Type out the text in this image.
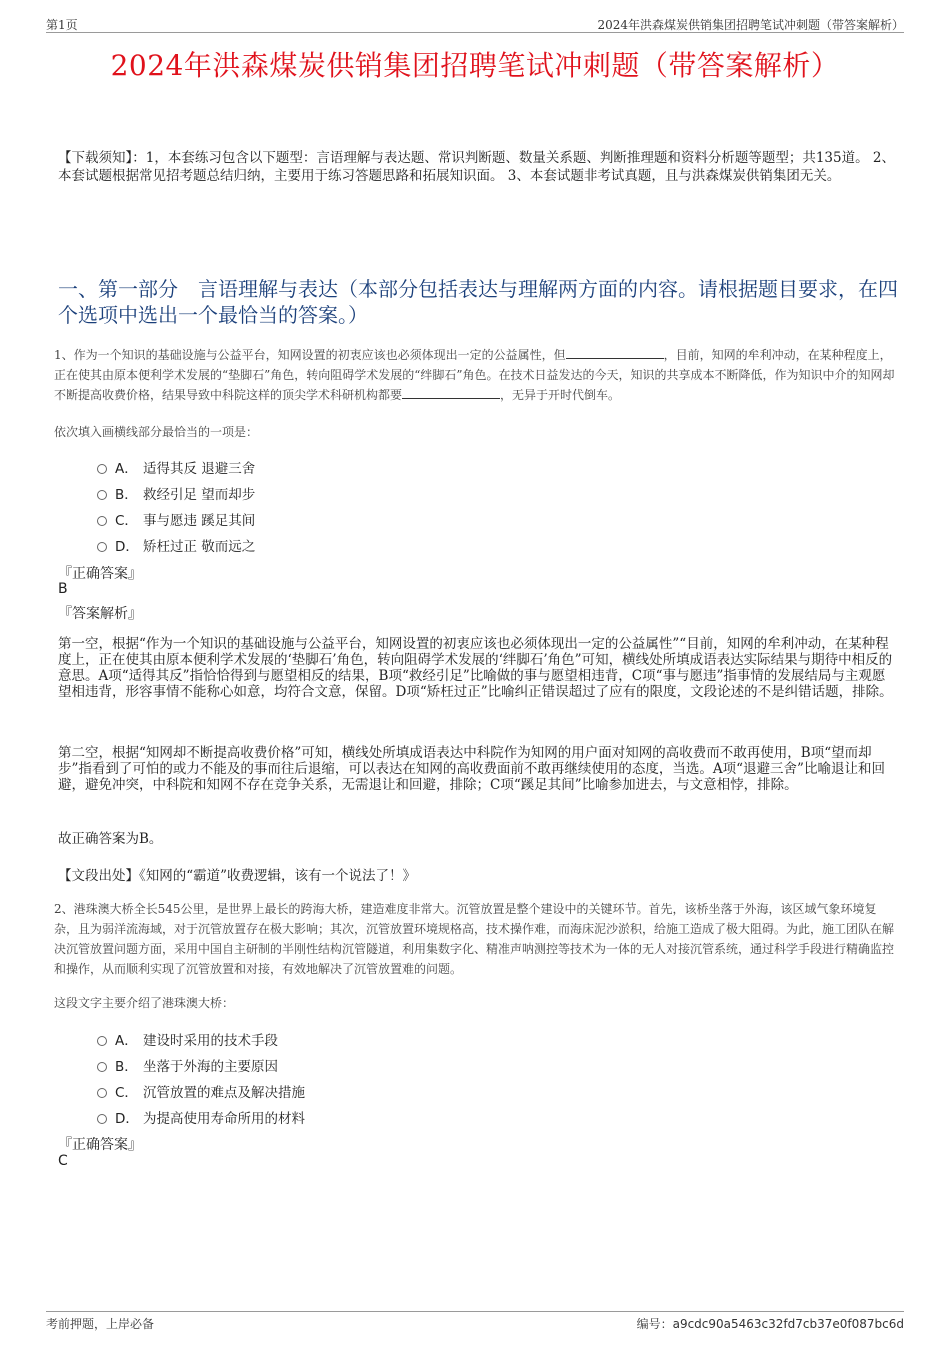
第1页	2024年洪森煤炭供销集团招聘笔试冲刺题（带答案解析）
2024年洪森煤炭供销集团招聘笔试冲刺题（带答案解析）
【下载须知】：1，本套练习包含以下题型：言语理解与表达题、常识判断题、数量关系题、判断推理题和资料分析题等题型；共135道。 2、本套试题根据常见招考题总结归纳，主要用于练习答题思路和拓展知识面。 3、本套试题非考试真题，且与洪森煤炭供销集团无关。
一、第一部分　言语理解与表达（本部分包括表达与理解两方面的内容。请根据题目要求，在四个选项中选出一个最恰当的答案。）
1、作为一个知识的基础设施与公益平台，知网设置的初衷应该也必须体现出一定的公益属性，但	，目前，知网的牟利冲动，在某种程度上，正在使其由原本便利学术发展的“垫脚石”角色，转向阻碍学术发展的“绊脚石”角色。在技术日益发达的今天，知识的共享成本不断降低，作为知识中介的知网却不断提高收费价格，结果导致中科院这样的顶尖学术科研机构都要	，无异于开时代倒车。
依次填入画横线部分最恰当的一项是：
A． 适得其反 退避三舍
B． 救经引足 望而却步
C． 事与愿违 蹊足其间
D． 矫枉过正 敬而远之
『正确答案』
B
『答案解析』
第一空，根据“作为一个知识的基础设施与公益平台，知网设置的初衷应该也必须体现出一定的公益属性”“目前，知网的牟利冲动，在某种程度上，正在使其由原本便利学术发展的‘垫脚石’角色，转向阻碍学术发展的‘绊脚石’角色”可知，横线处所填成语表达实际结果与期待中相反的意思。A项“适得其反”指恰恰得到与愿望相反的结果，B项“救经引足”比喻做的事与愿望相违背，C项“事与愿违”指事情的发展结局与主观愿望相违背，形容事情不能称心如意，均符合文意，保留。D项“矫枉过正”比喻纠正错误超过了应有的限度，文段论述的不是纠错话题，排除。
第二空，根据“知网却不断提高收费价格”可知，横线处所填成语表达中科院作为知网的用户面对知网的高收费而不敢再使用，B项“望而却步”指看到了可怕的或力不能及的事而往后退缩，可以表达在知网的高收费面前不敢再继续使用的态度，当选。A项“退避三舍”比喻退让和回避，避免冲突，中科院和知网不存在竞争关系，无需退让和回避，排除；C项“蹊足其间”比喻参加进去，与文意相悖，排除。
故正确答案为B。
【文段出处】《知网的“霸道”收费逻辑，该有一个说法了！》
2、港珠澳大桥全长545公里，是世界上最长的跨海大桥，建造难度非常大。沉管放置是整个建设中的关键环节。首先，该桥坐落于外海，该区域气象环境复杂，且为弱洋流海域，对于沉管放置存在极大影响；其次，沉管放置环境规格高，技术操作难，而海床泥沙淤积，给施工造成了极大阻碍。为此，施工团队在解决沉管放置问题方面，采用中国自主研制的半刚性结构沉管隧道，利用集数字化、精准声呐测控等技术为一体的无人对接沉管系统，通过科学手段进行精确监控和操作，从而顺利实现了沉管放置和对接，有效地解决了沉管放置难的问题。
这段文字主要介绍了港珠澳大桥：
A． 建设时采用的技术手段
B． 坐落于外海的主要原因
C． 沉管放置的难点及解决措施
D． 为提高使用寿命所用的材料
『正确答案』
C
考前押题，上岸必备	编号：a9cdc90a5463c32fd7cb37e0f087bc6d
